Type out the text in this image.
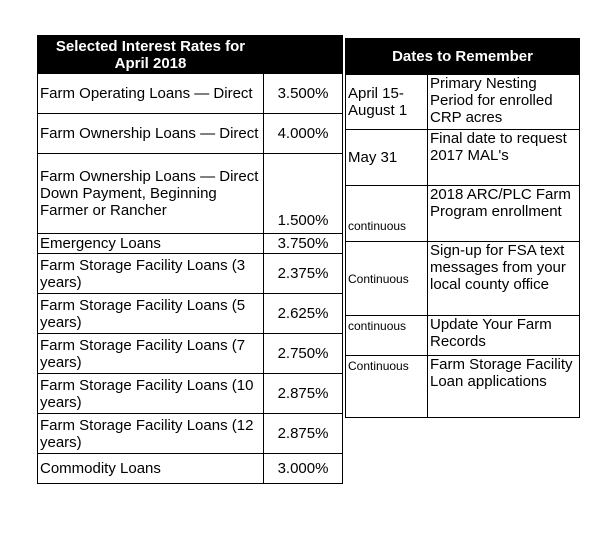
Selected Interest Rates for
April 2018	
Farm Operating Loans — Direct	3.500%
Farm Ownership Loans — Direct	4.000%
Farm Ownership Loans — Direct Down Payment, Beginning Farmer or Rancher	1.500%
Emergency Loans	3.750%
Farm Storage Facility Loans (3 years)	2.375%
Farm Storage Facility Loans (5 years)	2.625%
Farm Storage Facility Loans (7 years)	2.750%
Farm Storage Facility Loans (10 years)	2.875%
Farm Storage Facility Loans (12 years)	2.875%
Commodity Loans	3.000%
Dates to Remember	
April 15-August 1	Primary Nesting Period for enrolled CRP acres
May 31	Final date to request 2017 MAL's
continuous	2018 ARC/PLC Farm Program enrollment
Continuous	Sign-up for FSA text messages from your local county office
continuous	Update Your Farm Records
Continuous	Farm Storage Facility Loan applications
